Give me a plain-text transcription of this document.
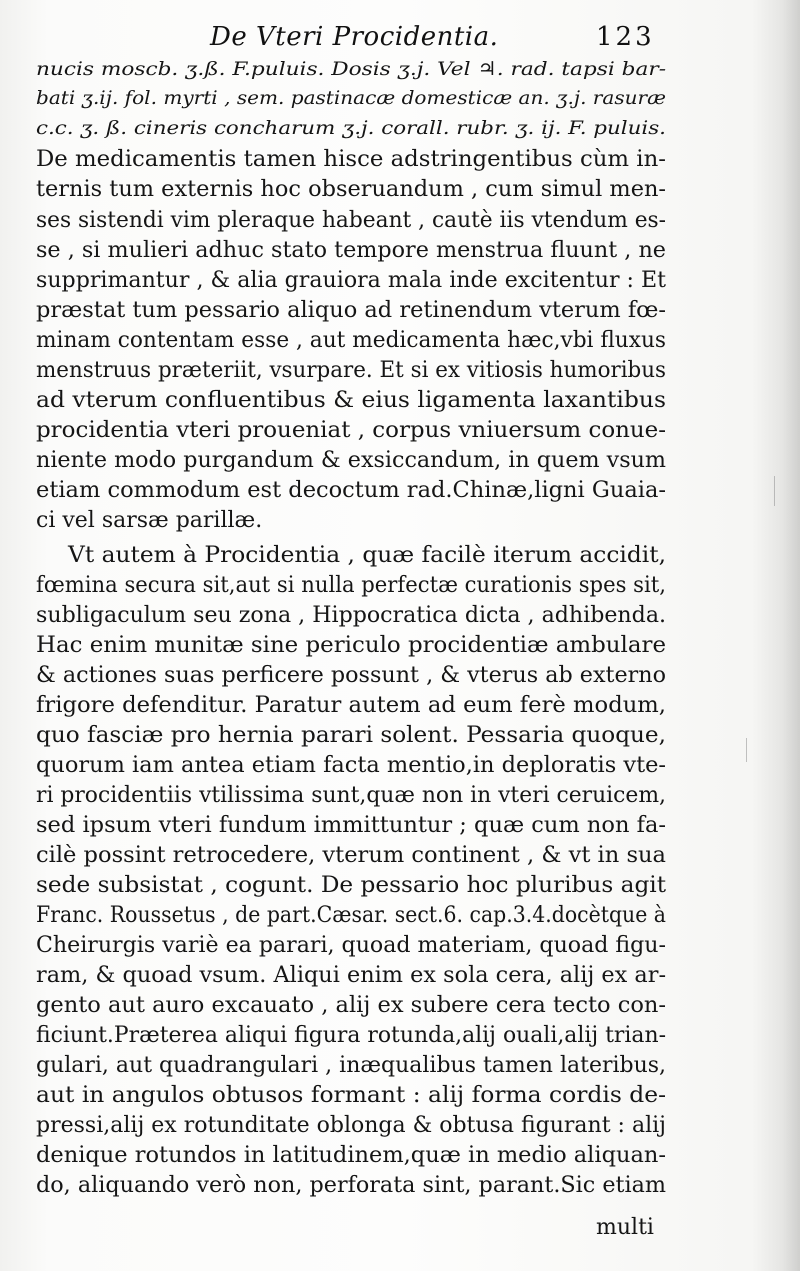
De Vteri Procidentia.	123
nucis moscb. ʒ.ß. F.puluis. Dosis ʒ.j. Vel ♃. rad. tapsi bar-
bati ʒ.ij. fol. myrti , sem. pastinacæ domesticæ an. ʒ.j. rasuræ
c.c. ʒ. ß. cineris concharum ʒ.j. corall. rubr. ʒ. ij. F. puluis.
De medicamentis tamen hisce adstringentibus cùm in-
ternis tum externis hoc obseruandum , cum simul men-
ses sistendi vim pleraque habeant , cautè iis vtendum es-
se , si mulieri adhuc stato tempore menstrua fluunt , ne
supprimantur , & alia grauiora mala inde excitentur : Et
præstat tum pessario aliquo ad retinendum vterum fœ-
minam contentam esse , aut medicamenta hæc,vbi fluxus
menstruus præteriit, vsurpare. Et si ex vitiosis humoribus
ad vterum confluentibus & eius ligamenta laxantibus
procidentia vteri proueniat , corpus vniuersum conue-
niente modo purgandum & exsiccandum, in quem vsum
etiam commodum est decoctum rad.Chinæ,ligni Guaia-
ci vel sarsæ parillæ.
Vt autem à Procidentia , quæ facilè iterum accidit,
fœmina secura sit,aut si nulla perfectæ curationis spes sit,
subligaculum seu zona , Hippocratica dicta , adhibenda.
Hac enim munitæ sine periculo procidentiæ ambulare
& actiones suas perficere possunt , & vterus ab externo
frigore defenditur. Paratur autem ad eum ferè modum,
quo fasciæ pro hernia parari solent. Pessaria quoque,
quorum iam antea etiam facta mentio,in deploratis vte-
ri procidentiis vtilissima sunt,quæ non in vteri ceruicem,
sed ipsum vteri fundum immittuntur ; quæ cum non fa-
cilè possint retrocedere, vterum continent , & vt in sua
sede subsistat , cogunt. De pessario hoc pluribus agit
Franc. Roussetus , de part.Cæsar. sect.6. cap.3.4.docètque à
Cheirurgis variè ea parari, quoad materiam, quoad figu-
ram, & quoad vsum. Aliqui enim ex sola cera, alij ex ar-
gento aut auro excauato , alij ex subere cera tecto con-
ficiunt.Præterea aliqui figura rotunda,alij ouali,alij trian-
gulari, aut quadrangulari , inæqualibus tamen lateribus,
aut in angulos obtusos formant : alij forma cordis de-
pressi,alij ex rotunditate oblonga & obtusa figurant : alij
denique rotundos in latitudinem,quæ in medio aliquan-
do, aliquando verò non, perforata sint, parant.Sic etiam
multi
